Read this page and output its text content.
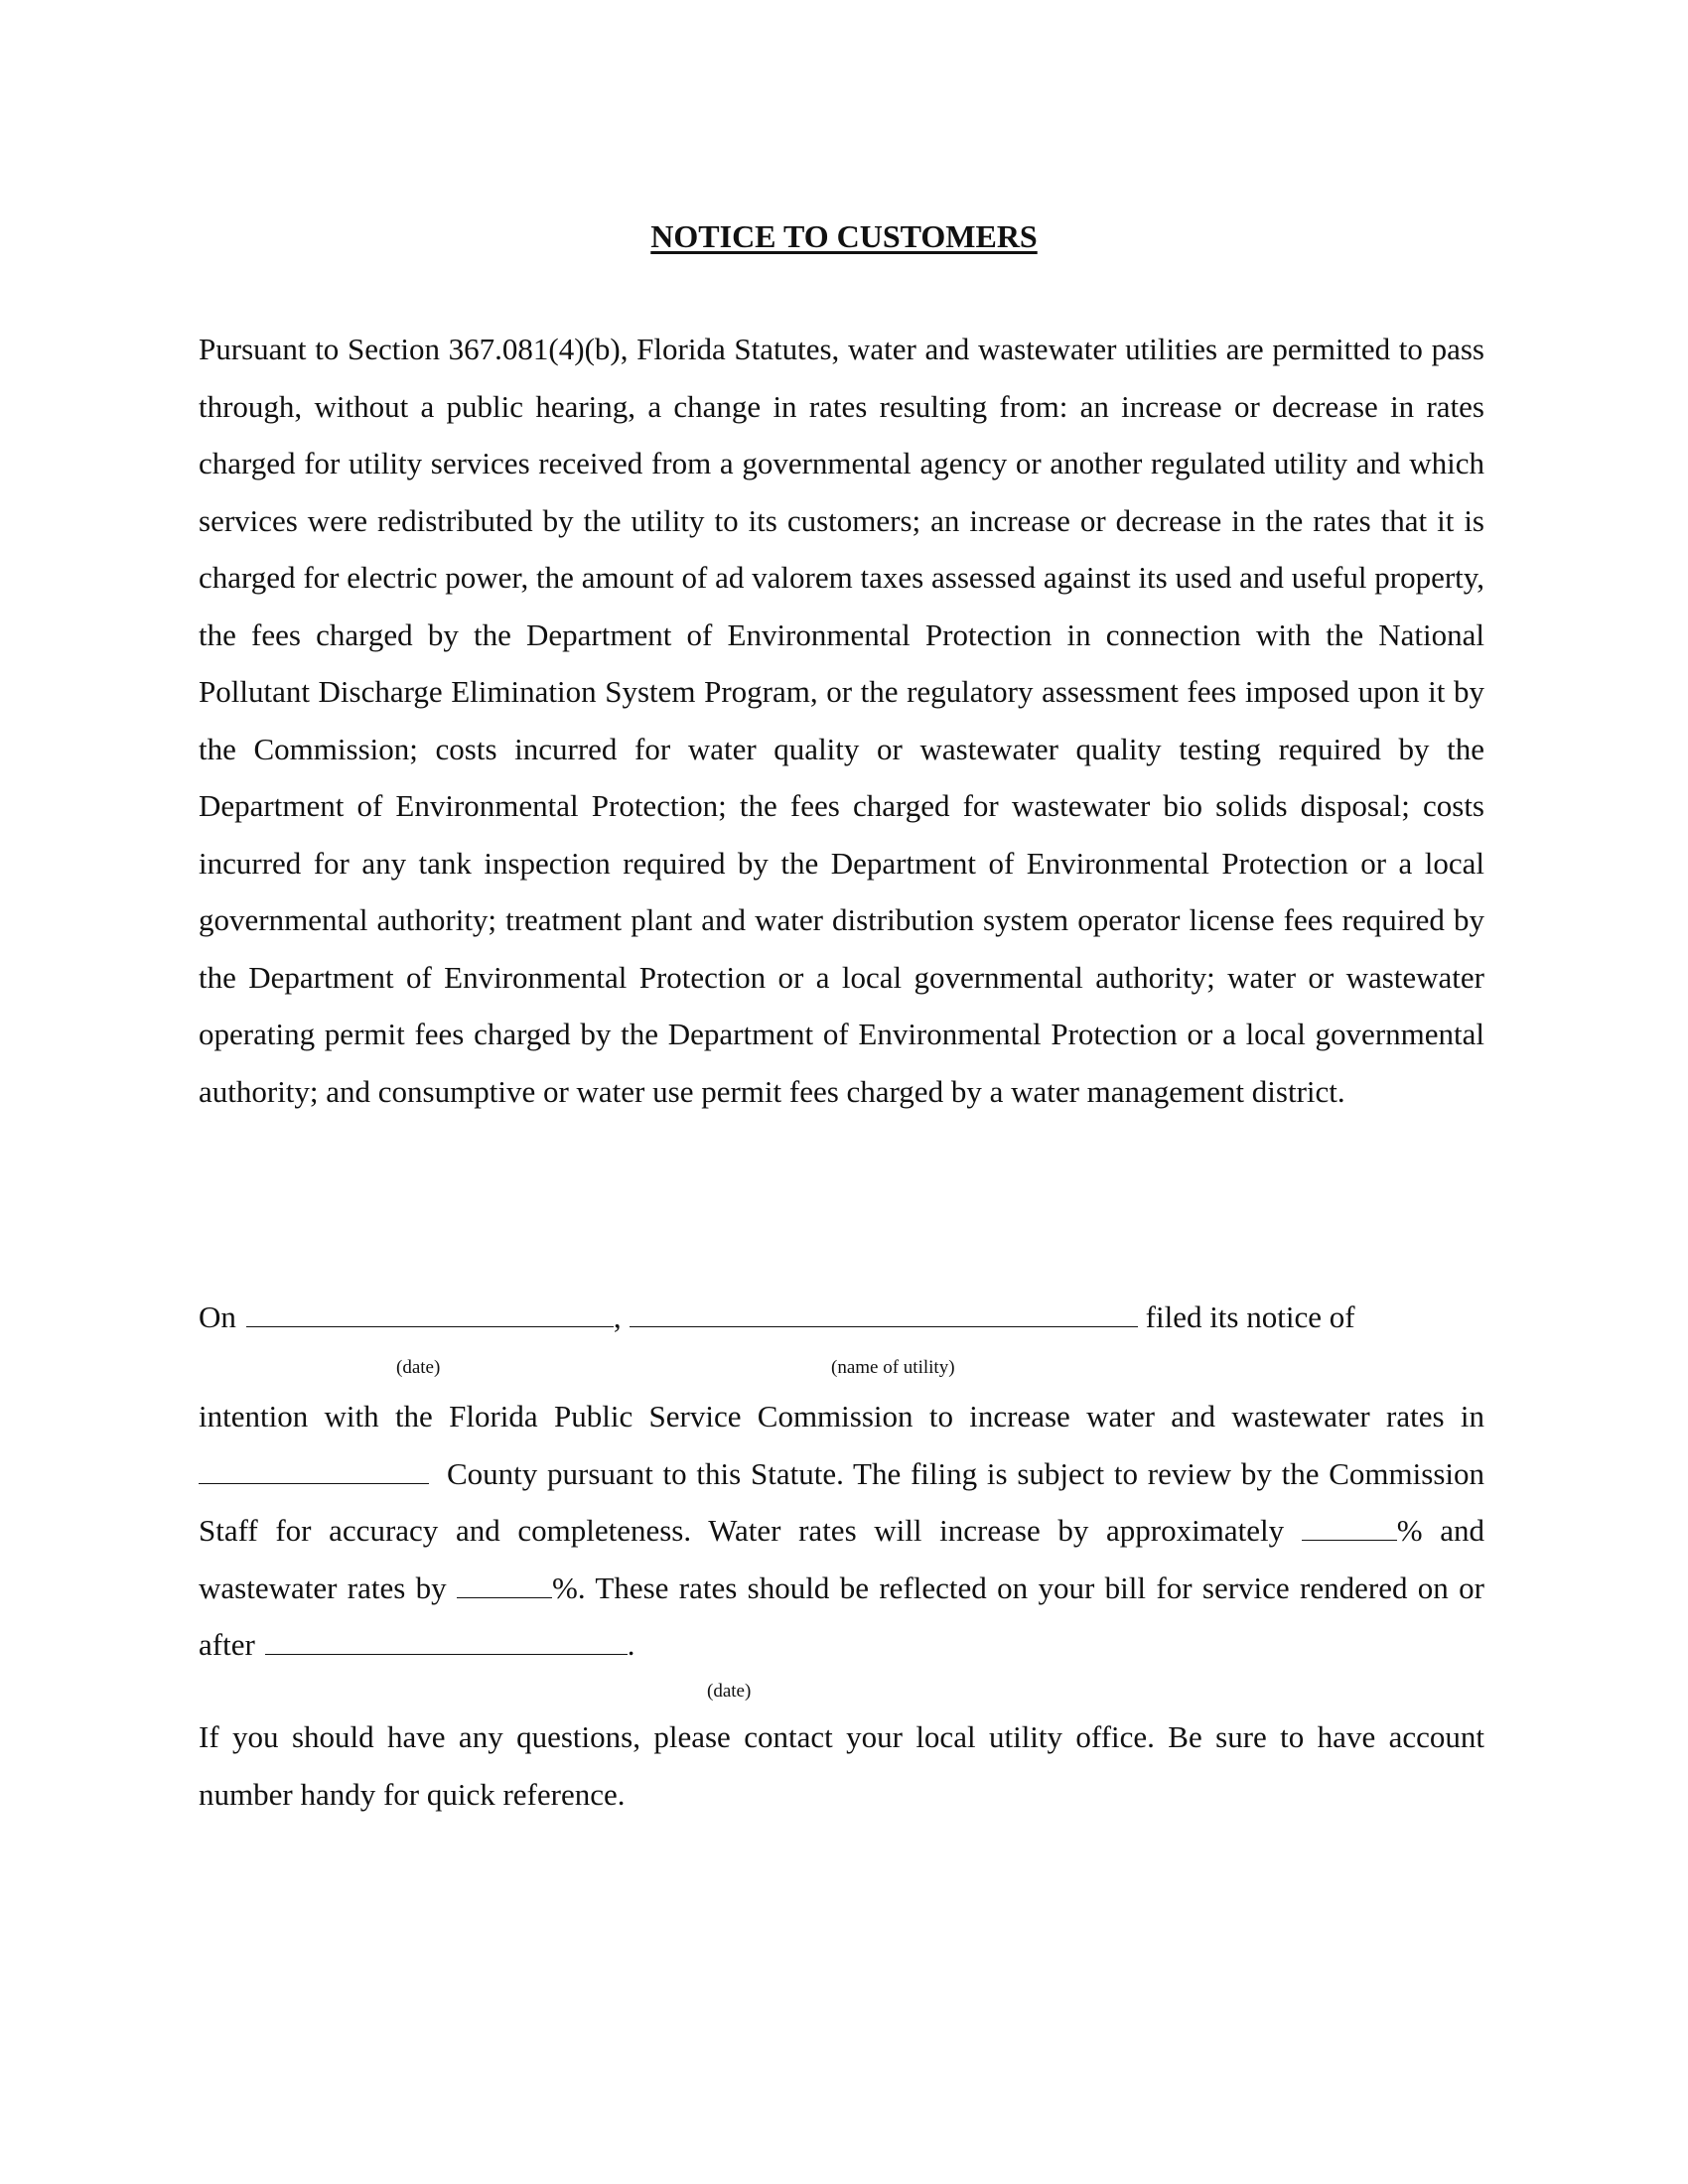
NOTICE TO CUSTOMERS

Pursuant to Section 367.081(4)(b), Florida Statutes, water and wastewater utilities are permitted to pass through, without a public hearing, a change in rates resulting from: an increase or decrease in rates charged for utility services received from a governmental agency or another regulated utility and which services were redistributed by the utility to its customers; an increase or decrease in the rates that it is charged for electric power, the amount of ad valorem taxes assessed against its used and useful property, the fees charged by the Department of Environmental Protection in connection with the National Pollutant Discharge Elimination System Program, or the regulatory assessment fees imposed upon it by the Commission; costs incurred for water quality or wastewater quality testing required by the Department of Environmental Protection; the fees charged for wastewater bio solids disposal; costs incurred for any tank inspection required by the Department of Environmental Protection or a local governmental authority; treatment plant and water distribution system operator license fees required by the Department of Environmental Protection or a local governmental authority; water or wastewater operating permit fees charged by the Department of Environmental Protection or a local governmental authority; and consumptive or water use permit fees charged by a water management district.

On	,	filed its notice of
(date)	(name of utility)

intention with the Florida Public Service Commission to increase water and wastewater rates in County pursuant to this Statute. The filing is subject to review by the Commission Staff for accuracy and completeness. Water rates will increase by approximately	% and wastewater rates by	%. These rates should be reflected on your bill for service rendered on or after	.

(date)

If you should have any questions, please contact your local utility office. Be sure to have account number handy for quick reference.
